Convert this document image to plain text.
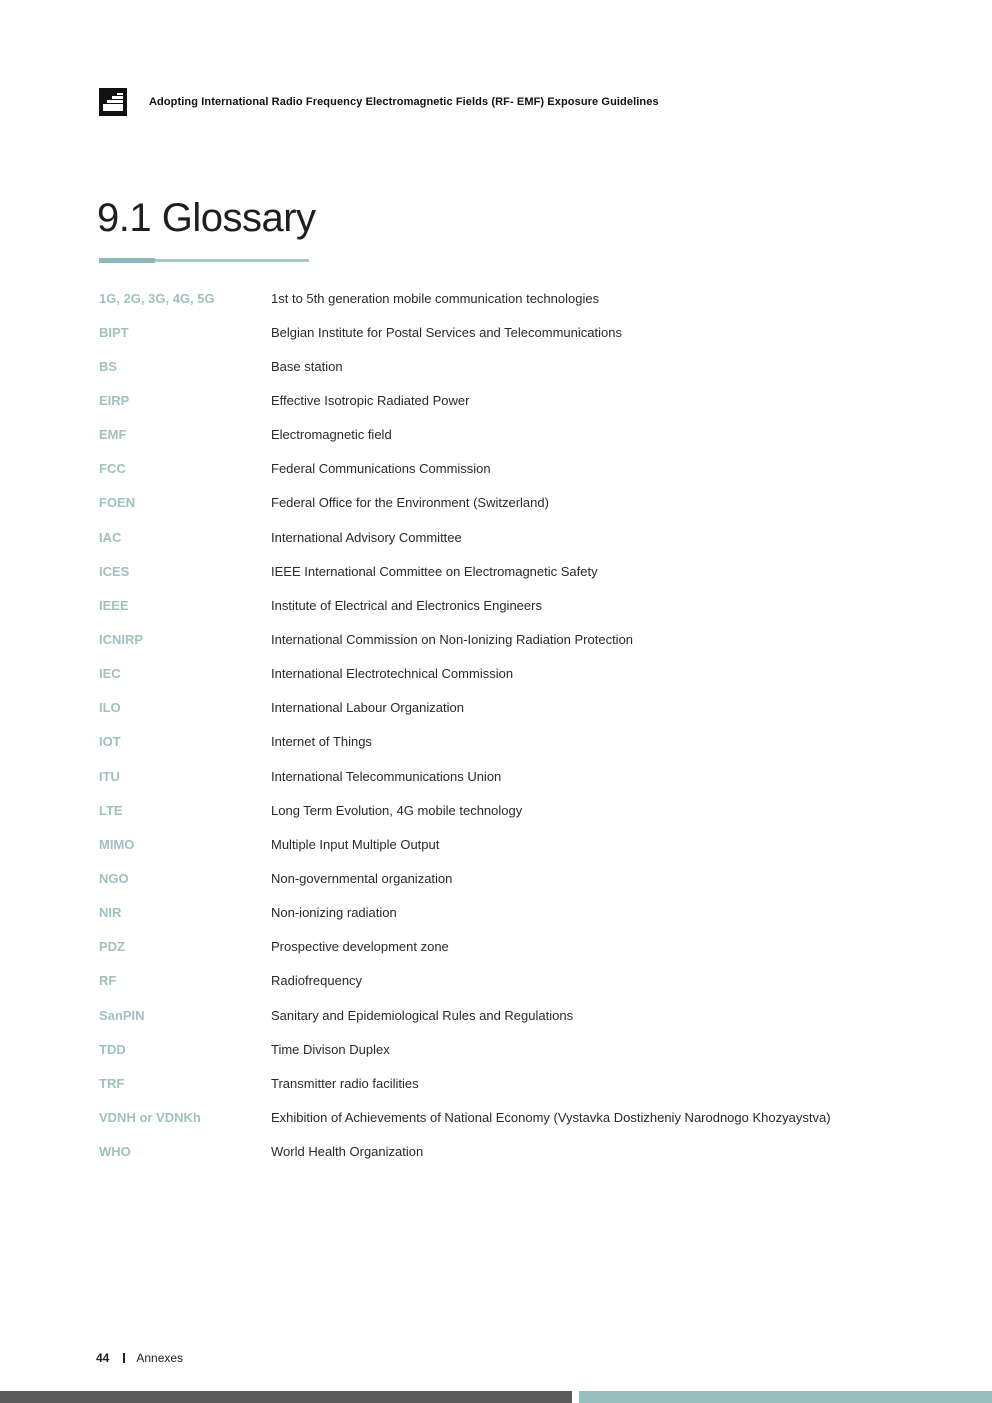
Adopting International Radio Frequency Electromagnetic Fields (RF- EMF) Exposure Guidelines
9.1 Glossary
1G, 2G, 3G, 4G, 5G	1st to 5th generation mobile communication technologies
BIPT	Belgian Institute for Postal Services and Telecommunications
BS	Base station
EIRP	Effective Isotropic Radiated Power
EMF	Electromagnetic field
FCC	Federal Communications Commission
FOEN	Federal Office for the Environment (Switzerland)
IAC	International Advisory Committee
ICES	IEEE International Committee on Electromagnetic Safety
IEEE	Institute of Electrical and Electronics Engineers
ICNIRP	International Commission on Non-Ionizing Radiation Protection
IEC	International Electrotechnical Commission
ILO	International Labour Organization
IOT	Internet of Things
ITU	International Telecommunications Union
LTE	Long Term Evolution, 4G mobile technology
MIMO	Multiple Input Multiple Output
NGO	Non-governmental organization
NIR	Non-ionizing radiation
PDZ	Prospective development zone
RF	Radiofrequency
SanPIN	Sanitary and Epidemiological Rules and Regulations
TDD	Time Divison Duplex
TRF	Transmitter radio facilities
VDNH or VDNKh	Exhibition of Achievements of National Economy (Vystavka Dostizheniy Narodnogo Khozyaystva)
WHO	World Health Organization
44 Annexes
